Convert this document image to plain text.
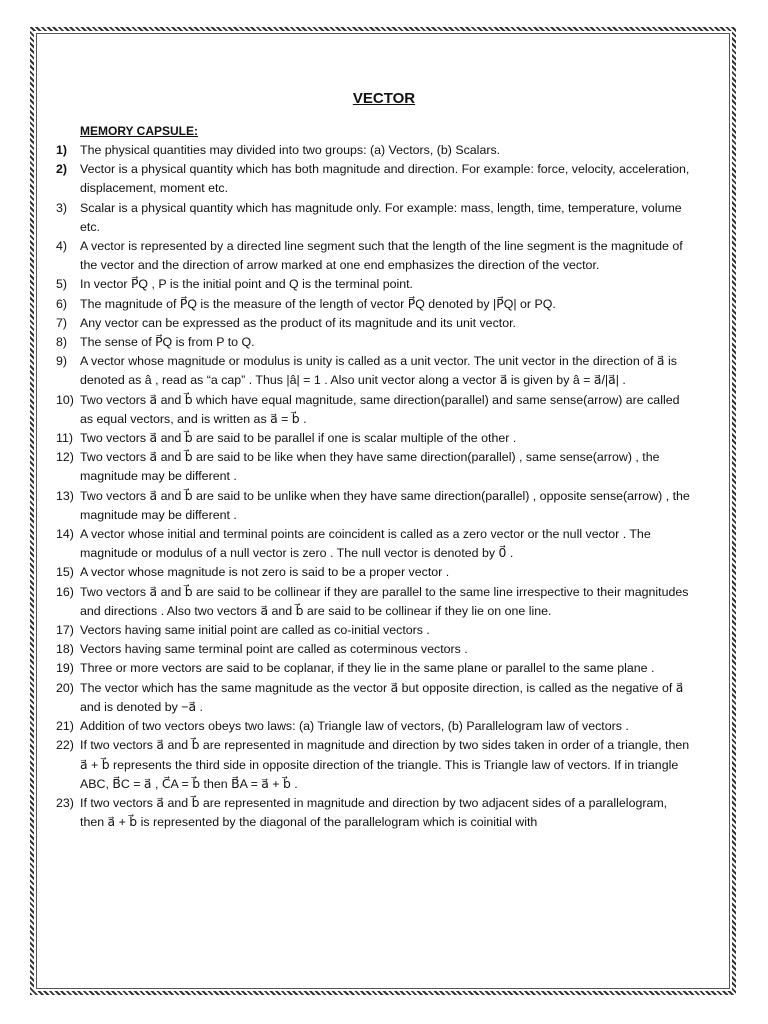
VECTOR
MEMORY CAPSULE:
1)	The physical quantities may divided into two groups: (a) Vectors, (b) Scalars.
2)	Vector is a physical quantity which has both magnitude and direction. For example: force, velocity, acceleration, displacement, moment etc.
3)	Scalar is a physical quantity which has magnitude only. For example: mass, length, time, temperature, volume etc.
4)	A vector is represented by a directed line segment such that the length of the line segment is the magnitude of the vector and the direction of arrow marked at one end emphasizes the direction of the vector.
5)	In vector P⃗Q , P is the initial point and Q is the terminal point.
6)	The magnitude of P⃗Q is the measure of the length of vector P⃗Q denoted by |P⃗Q| or PQ.
7)	Any vector can be expressed as the product of its magnitude and its unit vector.
8)	The sense of P⃗Q is from P to Q.
9)	A vector whose magnitude or modulus is unity is called as a unit vector. The unit vector in the direction of a⃗ is denoted as â , read as “a cap” . Thus |â| = 1 . Also unit vector along a vector a⃗ is given by â = a⃗/|a⃗| .
10) Two vectors a⃗ and b⃗ which have equal magnitude, same direction(parallel) and same sense(arrow) are called as equal vectors, and is written as a⃗ = b⃗ .
11) Two vectors a⃗ and b⃗ are said to be parallel if one is scalar multiple of the other .
12) Two vectors a⃗ and b⃗ are said to be like when they have same direction(parallel) , same sense(arrow) , the magnitude may be different .
13) Two vectors a⃗ and b⃗ are said to be unlike when they have same direction(parallel) , opposite sense(arrow) , the magnitude may be different .
14) A vector whose initial and terminal points are coincident is called as a zero vector or the null vector . The magnitude or modulus of a null vector is zero . The null vector is denoted by 0⃗ .
15) A vector whose magnitude is not zero is said to be a proper vector .
16) Two vectors a⃗ and b⃗ are said to be collinear if they are parallel to the same line irrespective to their magnitudes and directions . Also two vectors a⃗ and b⃗ are said to be collinear if they lie on one line.
17) Vectors having same initial point are called as co-initial vectors .
18) Vectors having same terminal point are called as coterminous vectors .
19) Three or more vectors are said to be coplanar, if they lie in the same plane or parallel to the same plane .
20) The vector which has the same magnitude as the vector a⃗ but opposite direction, is called as the negative of a⃗ and is denoted by −a⃗ .
21) Addition of two vectors obeys two laws: (a) Triangle law of vectors, (b) Parallelogram law of vectors .
22) If two vectors a⃗ and b⃗ are represented in magnitude and direction by two sides taken in order of a triangle, then a⃗ + b⃗ represents the third side in opposite direction of the triangle. This is Triangle law of vectors. If in triangle ABC, B⃗C = a⃗ , C⃗A = b⃗ then B⃗A = a⃗ + b⃗ .
23) If two vectors a⃗ and b⃗ are represented in magnitude and direction by two adjacent sides of a parallelogram, then a⃗ + b⃗ is represented by the diagonal of the parallelogram which is coinitial with
